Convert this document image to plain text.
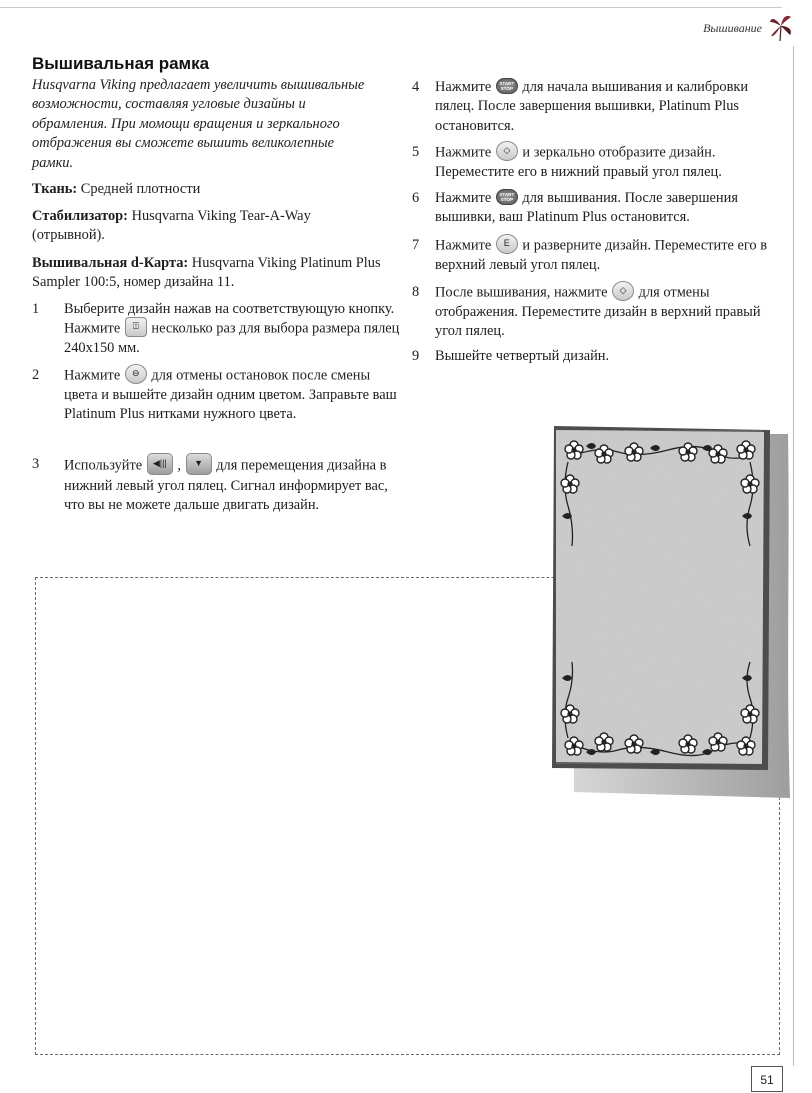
Вышивание
Вышивальная рамка
Husqvarna Viking предлагает увеличить вышивальные возможности, составляя угловые дизайны и обрамления. При момощи вращения и зеркального отбражения вы сможете вышить великолепные рамки.
Ткань: Средней плотности
Стабилизатор: Husqvarna Viking Tear-A-Way (отрывной).
Вышивальная d-Карта: Husqvarna Viking Platinum Plus Sampler 100:5, номер дизайна 11.
1	Выберите дизайн нажав на соответствующую кнопку. Нажмите ⍐ несколько раз для выбора размера пялец 240x150 мм.
2	Нажмите ⊖ для отмены остановок после смены цвета и вышейте дизайн одним цветом. Заправьте ваш Platinum Plus нитками нужного цвета.
3	Используйте ◀||| , ▼ для перемещения дизайна в нижний левый угол пялец. Сигнал информирует вас, что вы не можете дальше двигать дизайн.
4	Нажмите START
STOP для начала вышивания и калибровки пялец. После завершения вышивки, Platinum Plus остановится.
5	Нажмите ◇ и зеркально отобразите дизайн. Переместите его в нижний правый угол пялец.
6	Нажмите START
STOP для вышивания. После завершения вышивки, ваш Platinum Plus остановится.
7	Нажмите E и разверните дизайн. Переместите его в верхний левый угол пялец.
8	После вышивания, нажмите ◇ для отмены отображения. Переместите дизайн в верхний правый угол пялец.
9	Вышейте четвертый дизайн.
51
